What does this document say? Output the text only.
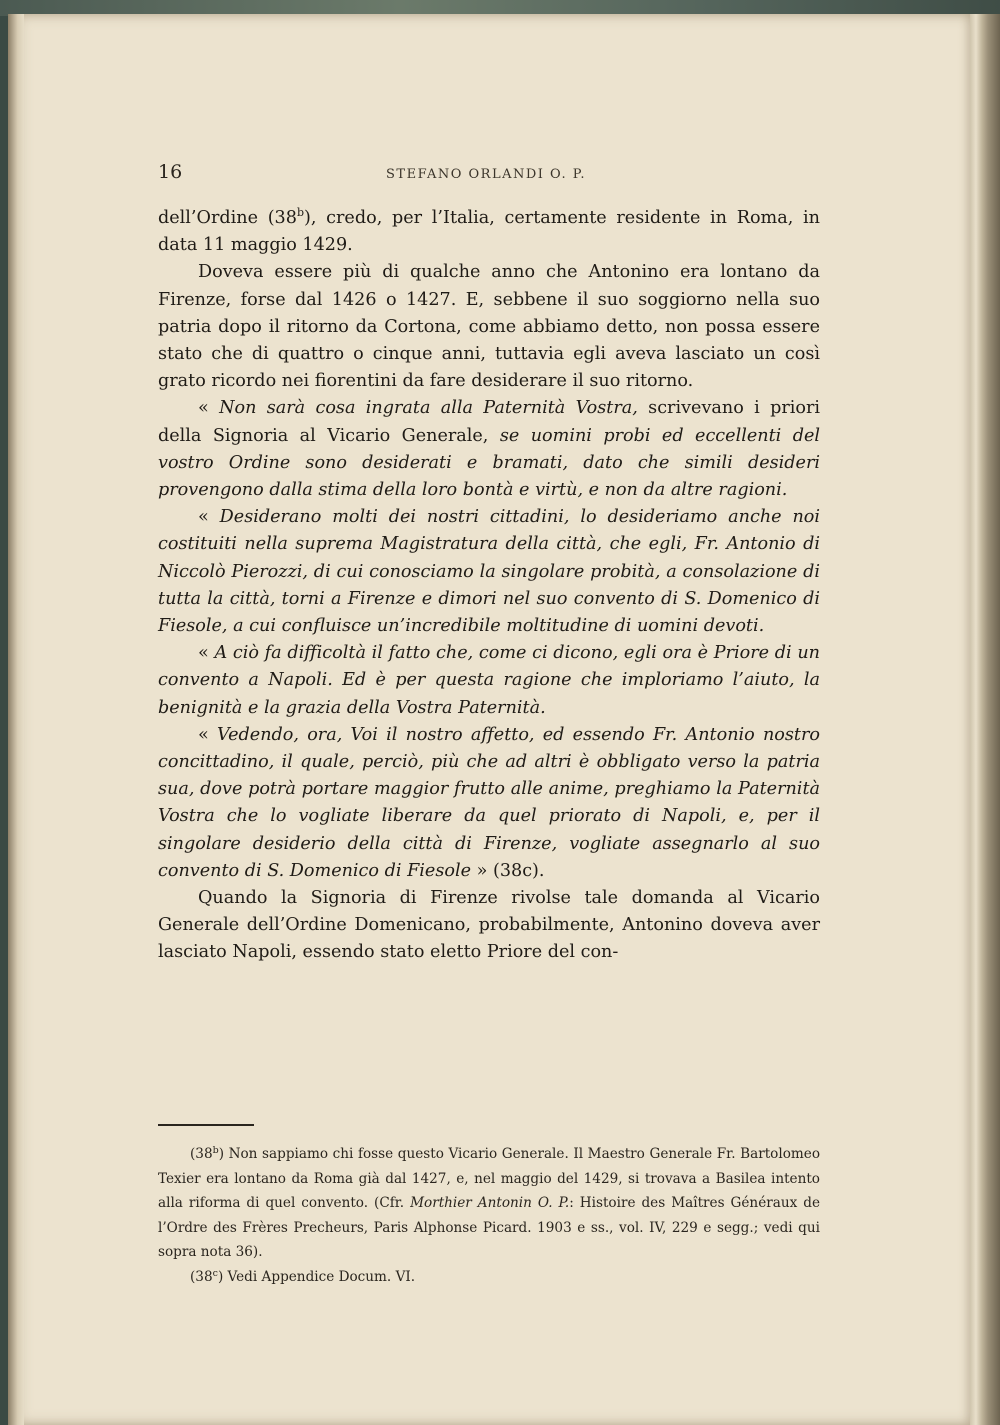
16	STEFANO ORLANDI O. P.

dell’Ordine (38$^b$), credo, per l’Italia, certamente residente in Roma, in data 11 maggio 1429.

Doveva essere più di qualche anno che Antonino era lontano da Firenze, forse dal 1426 o 1427. E, sebbene il suo soggiorno nella suo patria dopo il ritorno da Cortona, come abbiamo detto, non possa essere stato che di quattro o cinque anni, tuttavia egli aveva lasciato un così grato ricordo nei fiorentini da fare desiderare il suo ritorno.

« Non sarà cosa ingrata alla Paternità Vostra, scrivevano i priori della Signoria al Vicario Generale, se uomini probi ed eccellenti del vostro Ordine sono desiderati e bramati, dato che simili desideri provengono dalla stima della loro bontà e virtù, e non da altre ragioni.

« Desiderano molti dei nostri cittadini, lo desideriamo anche noi costituiti nella suprema Magistratura della città, che egli, Fr. Antonio di Niccolò Pierozzi, di cui conosciamo la singolare probità, a consolazione di tutta la città, torni a Firenze e dimori nel suo convento di S. Domenico di Fiesole, a cui confluisce un’incredibile moltitudine di uomini devoti.

« A ciò fa difficoltà il fatto che, come ci dicono, egli ora è Priore di un convento a Napoli. Ed è per questa ragione che imploriamo l’aiuto, la benignità e la grazia della Vostra Paternità.

« Vedendo, ora, Voi il nostro affetto, ed essendo Fr. Antonio nostro concittadino, il quale, perciò, più che ad altri è obbligato verso la patria sua, dove potrà portare maggior frutto alle anime, preghiamo la Paternità Vostra che lo vogliate liberare da quel priorato di Napoli, e, per il singolare desiderio della città di Firenze, vogliate assegnarlo al suo convento di S. Domenico di Fiesole » (38c).

Quando la Signoria di Firenze rivolse tale domanda al Vicario Generale dell’Ordine Domenicano, probabilmente, Antonino doveva aver lasciato Napoli, essendo stato eletto Priore del con-

(38$^b$) Non sappiamo chi fosse questo Vicario Generale. Il Maestro Generale Fr. Bartolomeo Texier era lontano da Roma già dal 1427, e, nel maggio del 1429, si trovava a Basilea intento alla riforma di quel convento. (Cfr. Morthier Antonin O. P.: Histoire des Maîtres Généraux de l’Ordre des Frères Precheurs, Paris Alphonse Picard. 1903 e ss., vol. IV, 229 e segg.; vedi qui sopra nota 36).

(38$^c$) Vedi Appendice Docum. VI.
